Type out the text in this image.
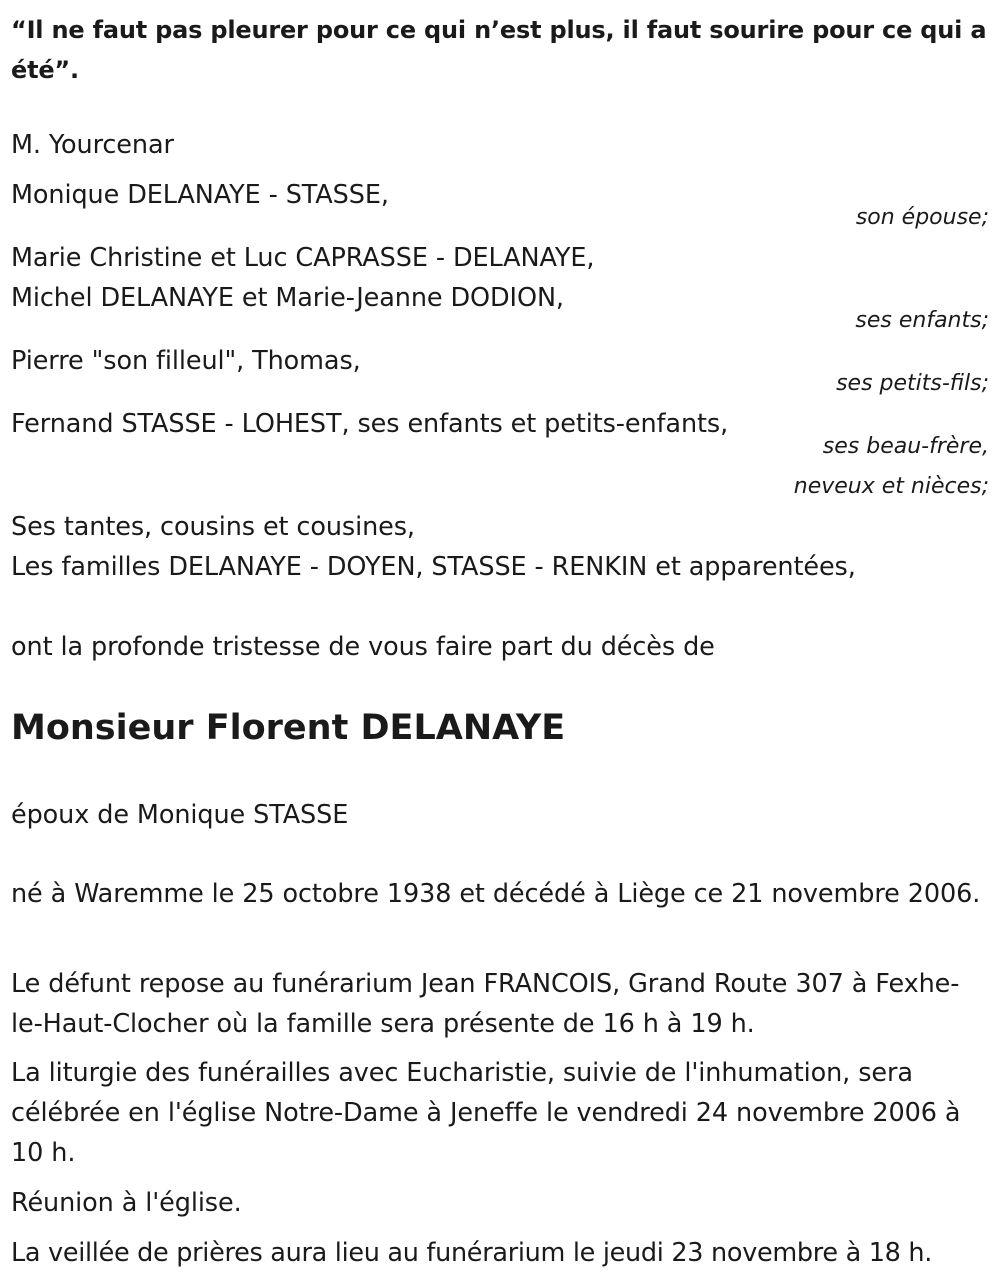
“Il ne faut pas pleurer pour ce qui n’est plus, il faut sourire pour ce qui a été”.
M. Yourcenar
Monique DELANAYE - STASSE,
son épouse;
Marie Christine et Luc CAPRASSE - DELANAYE,
Michel DELANAYE et Marie-Jeanne DODION,
ses enfants;
Pierre "son filleul", Thomas,
ses petits-fils;
Fernand STASSE - LOHEST, ses enfants et petits-enfants,
ses beau-frère,
neveux et nièces;
Ses tantes, cousins et cousines,
Les familles DELANAYE - DOYEN, STASSE - RENKIN et apparentées,
ont la profonde tristesse de vous faire part du décès de
Monsieur Florent DELANAYE
époux de Monique STASSE
né à Waremme le 25 octobre 1938 et décédé à Liège ce 21 novembre 2006.
Le défunt repose au funérarium Jean FRANCOIS, Grand Route 307 à Fexhe-le-Haut-Clocher où la famille sera présente de 16 h à 19 h.
La liturgie des funérailles avec Eucharistie, suivie de l'inhumation, sera célébrée en l'église Notre-Dame à Jeneffe le vendredi 24 novembre 2006 à 10 h.
Réunion à l'église.
La veillée de prières aura lieu au funérarium le jeudi 23 novembre à 18 h.
